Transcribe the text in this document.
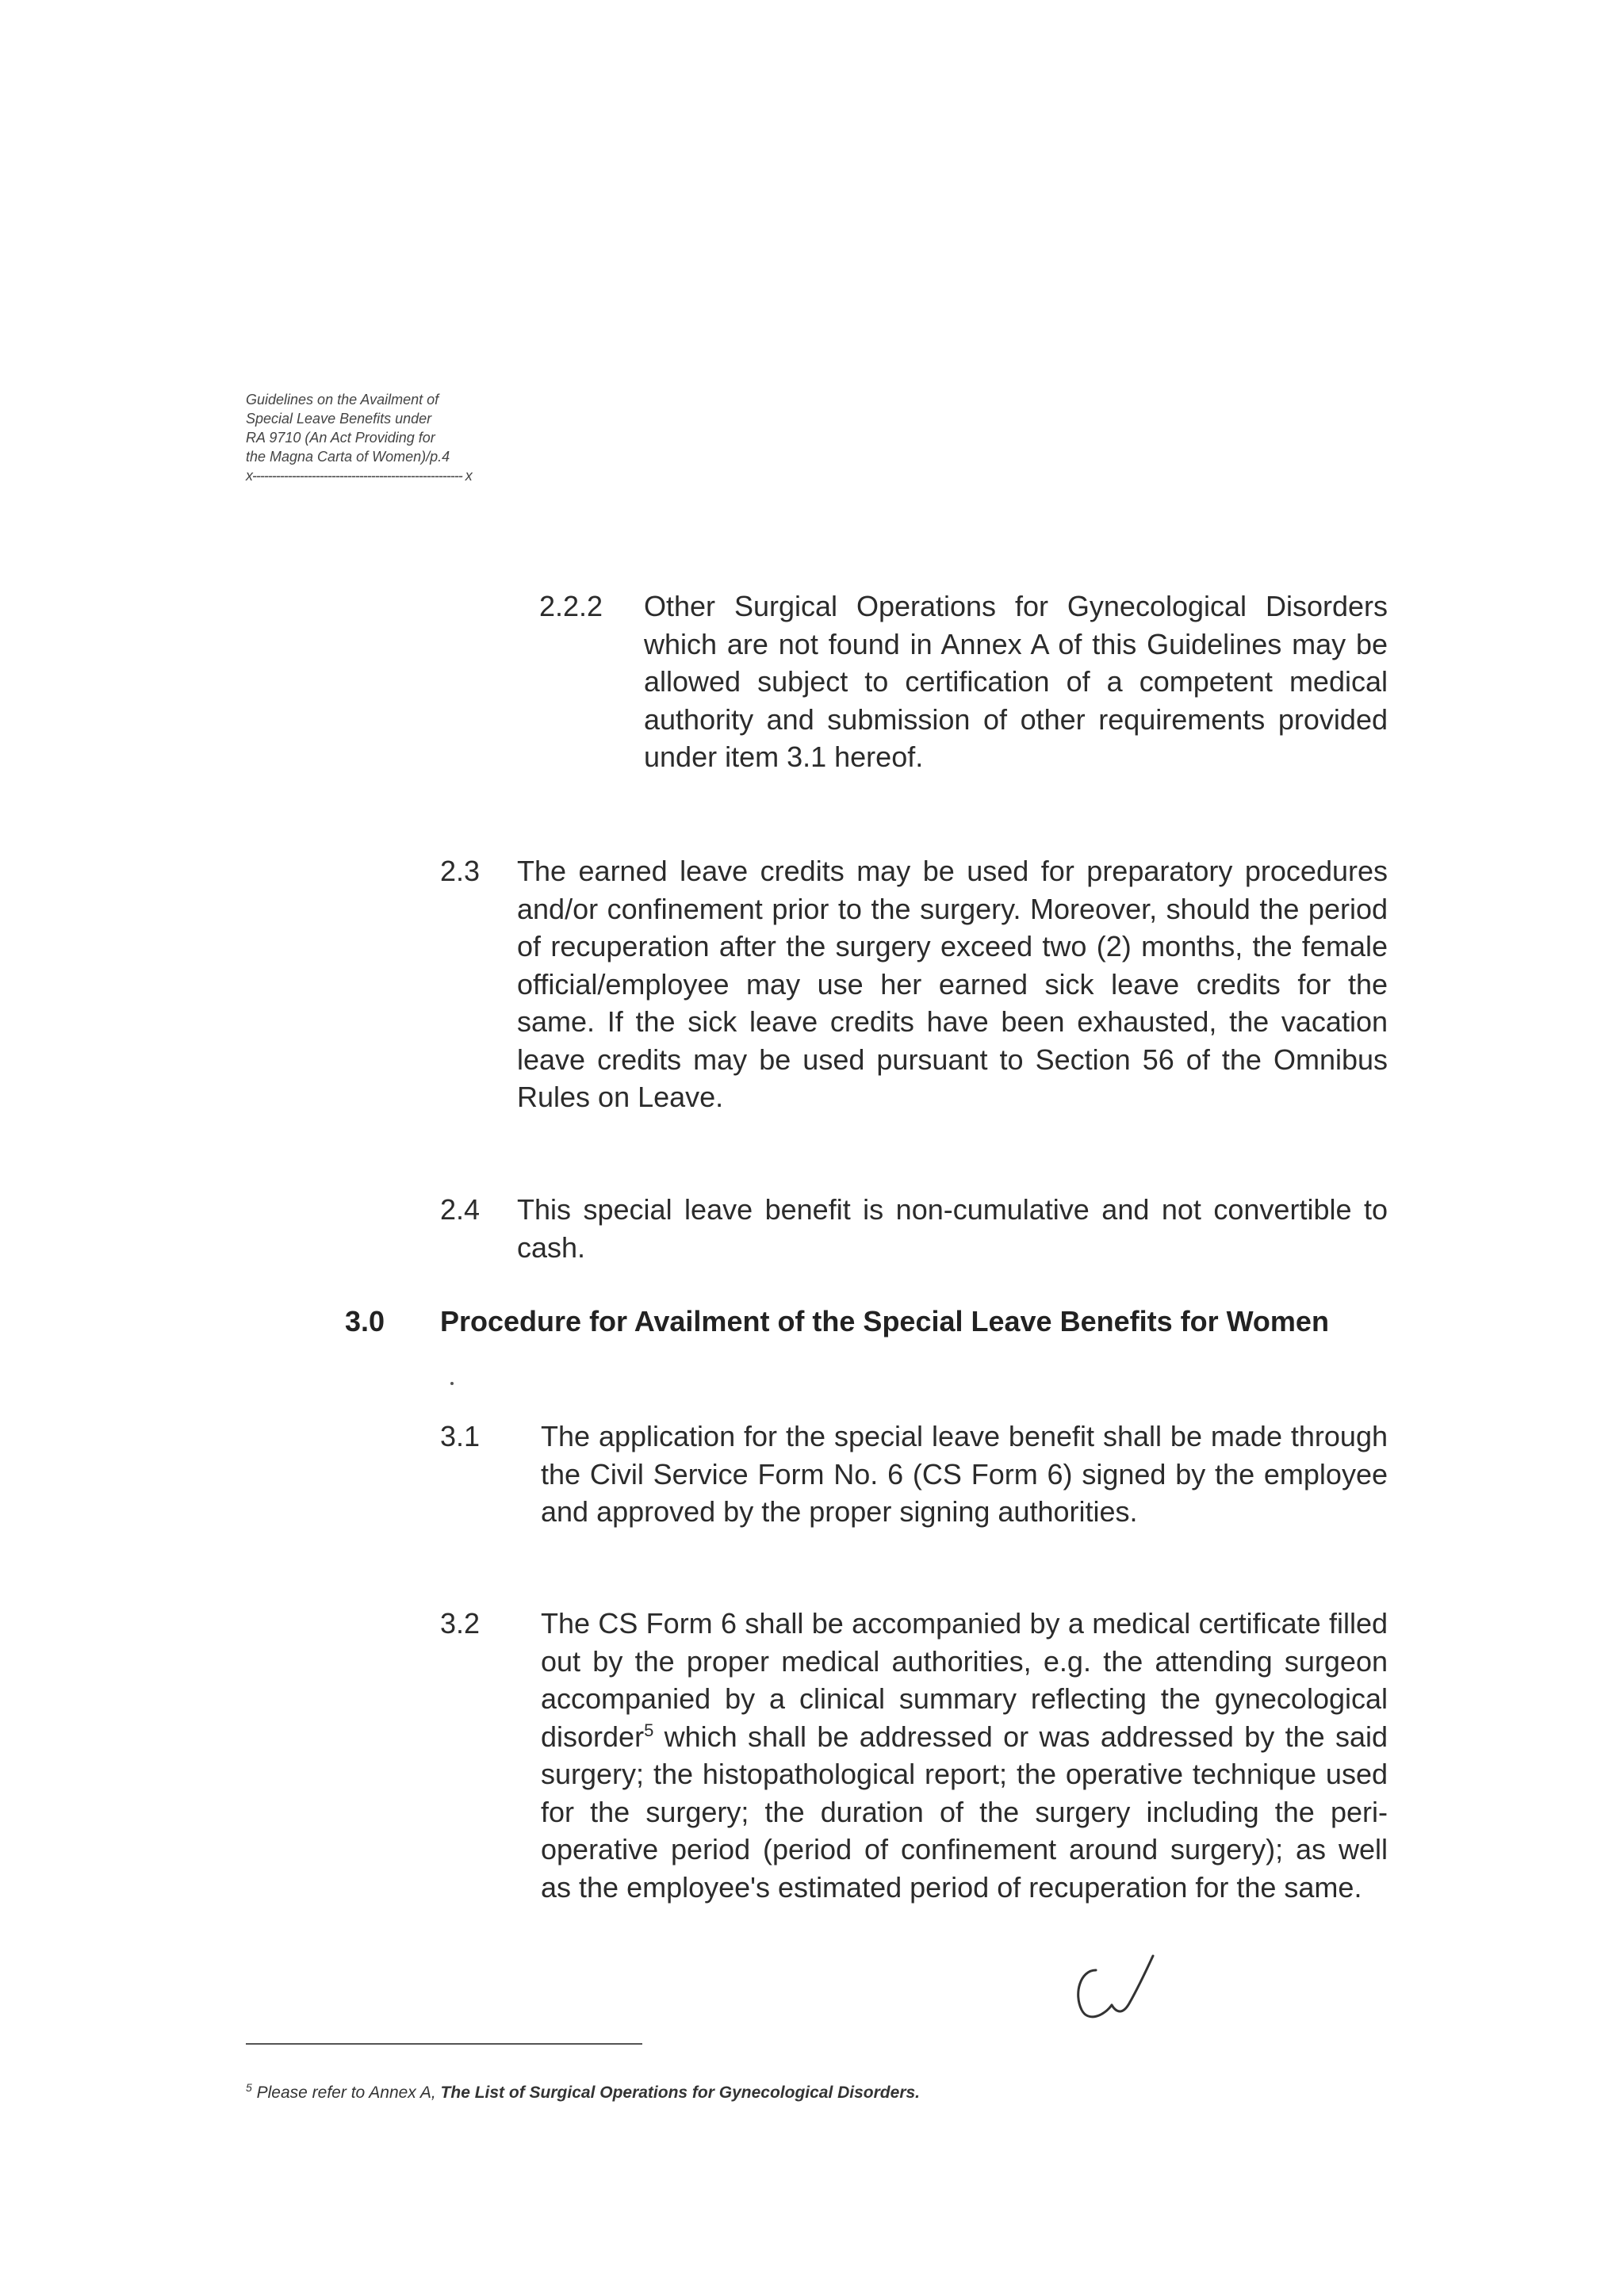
Guidelines on the Availment of
Special Leave Benefits under
RA 9710 (An Act Providing for
the Magna Carta of Women)/p.4
x----------------------------------------------------- x
2.2.2 Other Surgical Operations for Gynecological Disorders which are not found in Annex A of this Guidelines may be allowed subject to certification of a competent medical authority and submission of other requirements provided under item 3.1 hereof.
2.3 The earned leave credits may be used for preparatory procedures and/or confinement prior to the surgery. Moreover, should the period of recuperation after the surgery exceed two (2) months, the female official/employee may use her earned sick leave credits for the same. If the sick leave credits have been exhausted, the vacation leave credits may be used pursuant to Section 56 of the Omnibus Rules on Leave.
2.4 This special leave benefit is non-cumulative and not convertible to cash.
3.0 Procedure for Availment of the Special Leave Benefits for Women
3.1 The application for the special leave benefit shall be made through the Civil Service Form No. 6 (CS Form 6) signed by the employee and approved by the proper signing authorities.
3.2 The CS Form 6 shall be accompanied by a medical certificate filled out by the proper medical authorities, e.g. the attending surgeon accompanied by a clinical summary reflecting the gynecological disorder$^5$ which shall be addressed or was addressed by the said surgery; the histopathological report; the operative technique used for the surgery; the duration of the surgery including the peri-operative period (period of confinement around surgery); as well as the employee's estimated period of recuperation for the same.
$^5$ Please refer to Annex A, The List of Surgical Operations for Gynecological Disorders.
